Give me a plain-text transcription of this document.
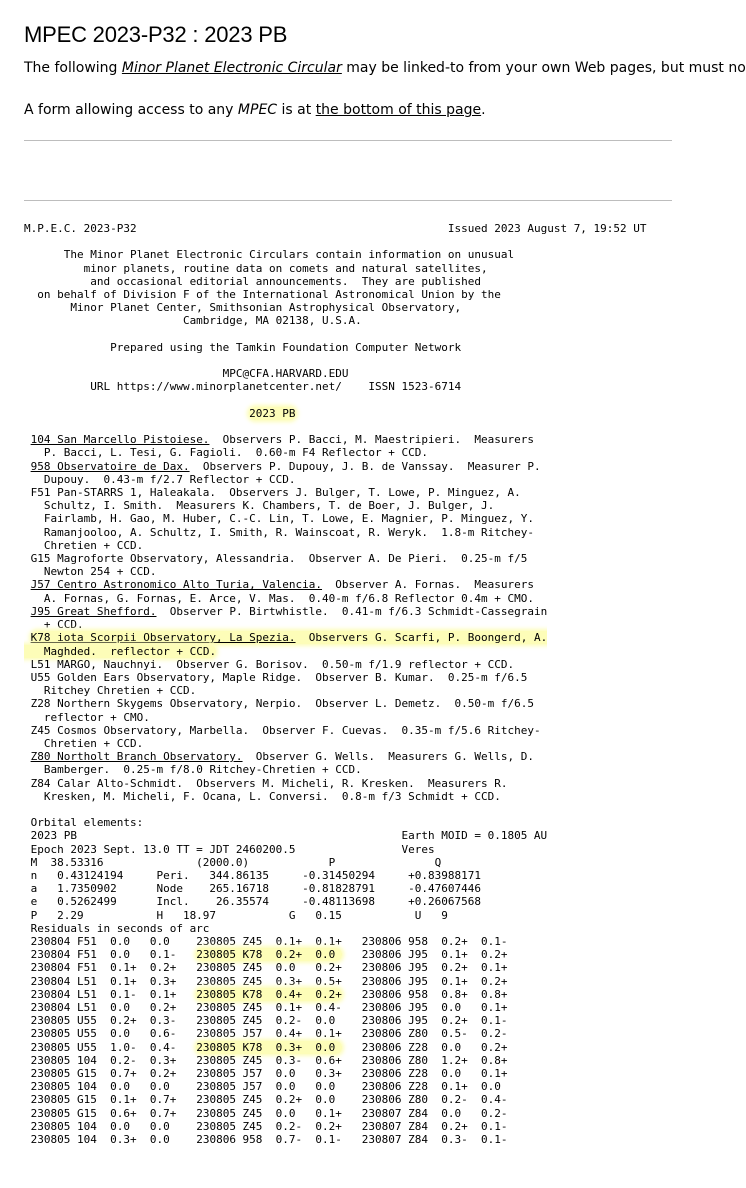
MPEC 2023-P32 : 2023 PB
The following Minor Planet Electronic Circular may be linked-to from your own Web pages, but must no
A form allowing access to any MPEC is at the bottom of this page.
M.P.E.C. 2023-P32	Issued 2023 August 7, 19:52 UT

The Minor Planet Electronic Circulars contain information on unusual
minor planets, routine data on comets and natural satellites,
and occasional editorial announcements.  They are published
on behalf of Division F of the International Astronomical Union by the
Minor Planet Center, Smithsonian Astrophysical Observatory,
Cambridge, MA 02138, U.S.A.

Prepared using the Tamkin Foundation Computer Network

MPC@CFA.HARVARD.EDU
URL https://www.minorplanetcenter.net/    ISSN 1523-6714

2023 PB

104 San Marcello Pistoiese.  Observers P. Bacci, M. Maestripieri.  Measurers
P. Bacci, L. Tesi, G. Fagioli.  0.60-m F4 Reflector + CCD.
958 Observatoire de Dax.  Observers P. Dupouy, J. B. de Vanssay.  Measurer P.
Dupouy.  0.43-m f/2.7 Reflector + CCD.
F51 Pan-STARRS 1, Haleakala.  Observers J. Bulger, T. Lowe, P. Minguez, A.
Schultz, I. Smith.  Measurers K. Chambers, T. de Boer, J. Bulger, J.
Fairlamb, H. Gao, M. Huber, C.-C. Lin, T. Lowe, E. Magnier, P. Minguez, Y.
Ramanjooloo, A. Schultz, I. Smith, R. Wainscoat, R. Weryk.  1.8-m Ritchey-
Chretien + CCD.
G15 Magroforte Observatory, Alessandria.  Observer A. De Pieri.  0.25-m f/5
Newton 254 + CCD.
J57 Centro Astronomico Alto Turia, Valencia.  Observer A. Fornas.  Measurers
A. Fornas, G. Fornas, E. Arce, V. Mas.  0.40-m f/6.8 Reflector 0.4m + CMO.
J95 Great Shefford.  Observer P. Birtwhistle.  0.41-m f/6.3 Schmidt-Cassegrain
+ CCD.
K78 iota Scorpii Observatory, La Spezia.  Observers G. Scarfi, P. Boongerd, A.
Maghded.  reflector + CCD.
L51 MARGO, Nauchnyi.  Observer G. Borisov.  0.50-m f/1.9 reflector + CCD.
U55 Golden Ears Observatory, Maple Ridge.  Observer B. Kumar.  0.25-m f/6.5
Ritchey Chretien + CCD.
Z28 Northern Skygems Observatory, Nerpio.  Observer L. Demetz.  0.50-m f/6.5
reflector + CMO.
Z45 Cosmos Observatory, Marbella.  Observer F. Cuevas.  0.35-m f/5.6 Ritchey-
Chretien + CCD.
Z80 Northolt Branch Observatory.  Observer G. Wells.  Measurers G. Wells, D.
Bamberger.  0.25-m f/8.0 Ritchey-Chretien + CCD.
Z84 Calar Alto-Schmidt.  Observers M. Micheli, R. Kresken.  Measurers R.
Kresken, M. Micheli, F. Ocana, L. Conversi.  0.8-m f/3 Schmidt + CCD.

Orbital elements:
2023 PB                                                 Earth MOID = 0.1805 AU
Epoch 2023 Sept. 13.0 TT = JDT 2460200.5                Veres
M  38.53316              (2000.0)            P               Q
n   0.43124194     Peri.   344.86135     -0.31450294     +0.83988171
a   1.7350902      Node    265.16718     -0.81828791     -0.47607446
e   0.5262499      Incl.    26.35574     -0.48113698     +0.26067568
P   2.29           H   18.97           G   0.15           U   9
Residuals in seconds of arc
230804 F51  0.0   0.0    230805 Z45  0.1+  0.1+ 230806 958  0.2+  0.1-
230804 F51  0.0   0.1- 230805 K78  0.2+  0.0    230806 J95  0.1+  0.2+
230804 F51  0.1+  0.2+ 230805 Z45  0.0   0.2+ 230806 J95  0.2+  0.1+
230804 L51  0.1+  0.3+ 230805 Z45  0.3+  0.5+ 230806 J95  0.1+  0.2+
230804 L51  0.1-  0.1+ 230805 K78  0.4+  0.2+ 230806 958  0.8+  0.8+
230804 L51  0.0   0.2+ 230805 Z45  0.1+  0.4- 230806 J95  0.0   0.1+
230805 U55  0.2+  0.3- 230805 Z45  0.2-  0.0    230806 J95  0.2+  0.1-
230805 U55  0.0   0.6- 230805 J57  0.4+  0.1+ 230806 Z80  0.5-  0.2-
230805 U55  1.0-  0.4- 230805 K78  0.3+  0.0    230806 Z28  0.0   0.2+
230805 104  0.2-  0.3+ 230805 Z45  0.3-  0.6+ 230806 Z80  1.2+  0.8+
230805 G15  0.7+  0.2+ 230805 J57  0.0   0.3+ 230806 Z28  0.0   0.1+
230805 104  0.0   0.0    230805 J57  0.0   0.0    230806 Z28  0.1+  0.0
230805 G15  0.1+  0.7+ 230805 Z45  0.2+  0.0    230806 Z80  0.2-  0.4-
230805 G15  0.6+  0.7+ 230805 Z45  0.0   0.1+ 230807 Z84  0.0   0.2-
230805 104  0.0   0.0    230805 Z45  0.2-  0.2+ 230807 Z84  0.2+  0.1-
230805 104  0.3+  0.0    230806 958  0.7-  0.1- 230807 Z84  0.3-  0.1-
